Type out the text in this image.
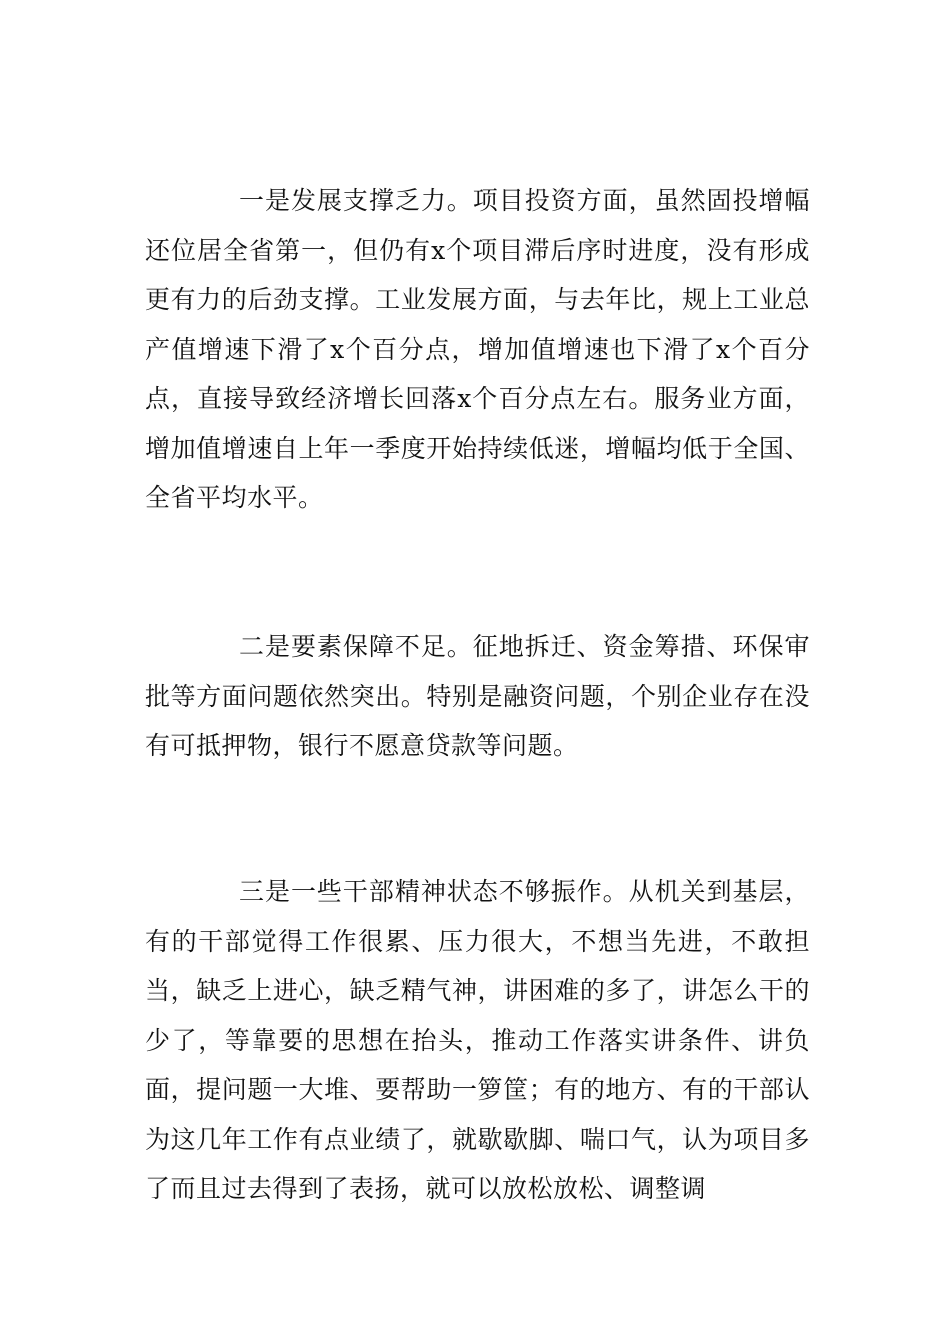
一是发展支撑乏力。项目投资方面，虽然固投增幅还位居全省第一，但仍有x个项目滞后序时进度，没有形成更有力的后劲支撑。工业发展方面，与去年比，规上工业总产值增速下滑了x个百分点，增加值增速也下滑了x个百分点，直接导致经济增长回落x个百分点左右。服务业方面，增加值增速自上年一季度开始持续低迷，增幅均低于全国、全省平均水平。

二是要素保障不足。征地拆迁、资金筹措、环保审批等方面问题依然突出。特别是融资问题，个别企业存在没有可抵押物，银行不愿意贷款等问题。

三是一些干部精神状态不够振作。从机关到基层，有的干部觉得工作很累、压力很大，不想当先进，不敢担当，缺乏上进心，缺乏精气神，讲困难的多了，讲怎么干的少了，等靠要的思想在抬头，推动工作落实讲条件、讲负面，提问题一大堆、要帮助一箩筐；有的地方、有的干部认为这几年工作有点业绩了，就歇歇脚、喘口气，认为项目多了而且过去得到了表扬，就可以放松放松、调整调
